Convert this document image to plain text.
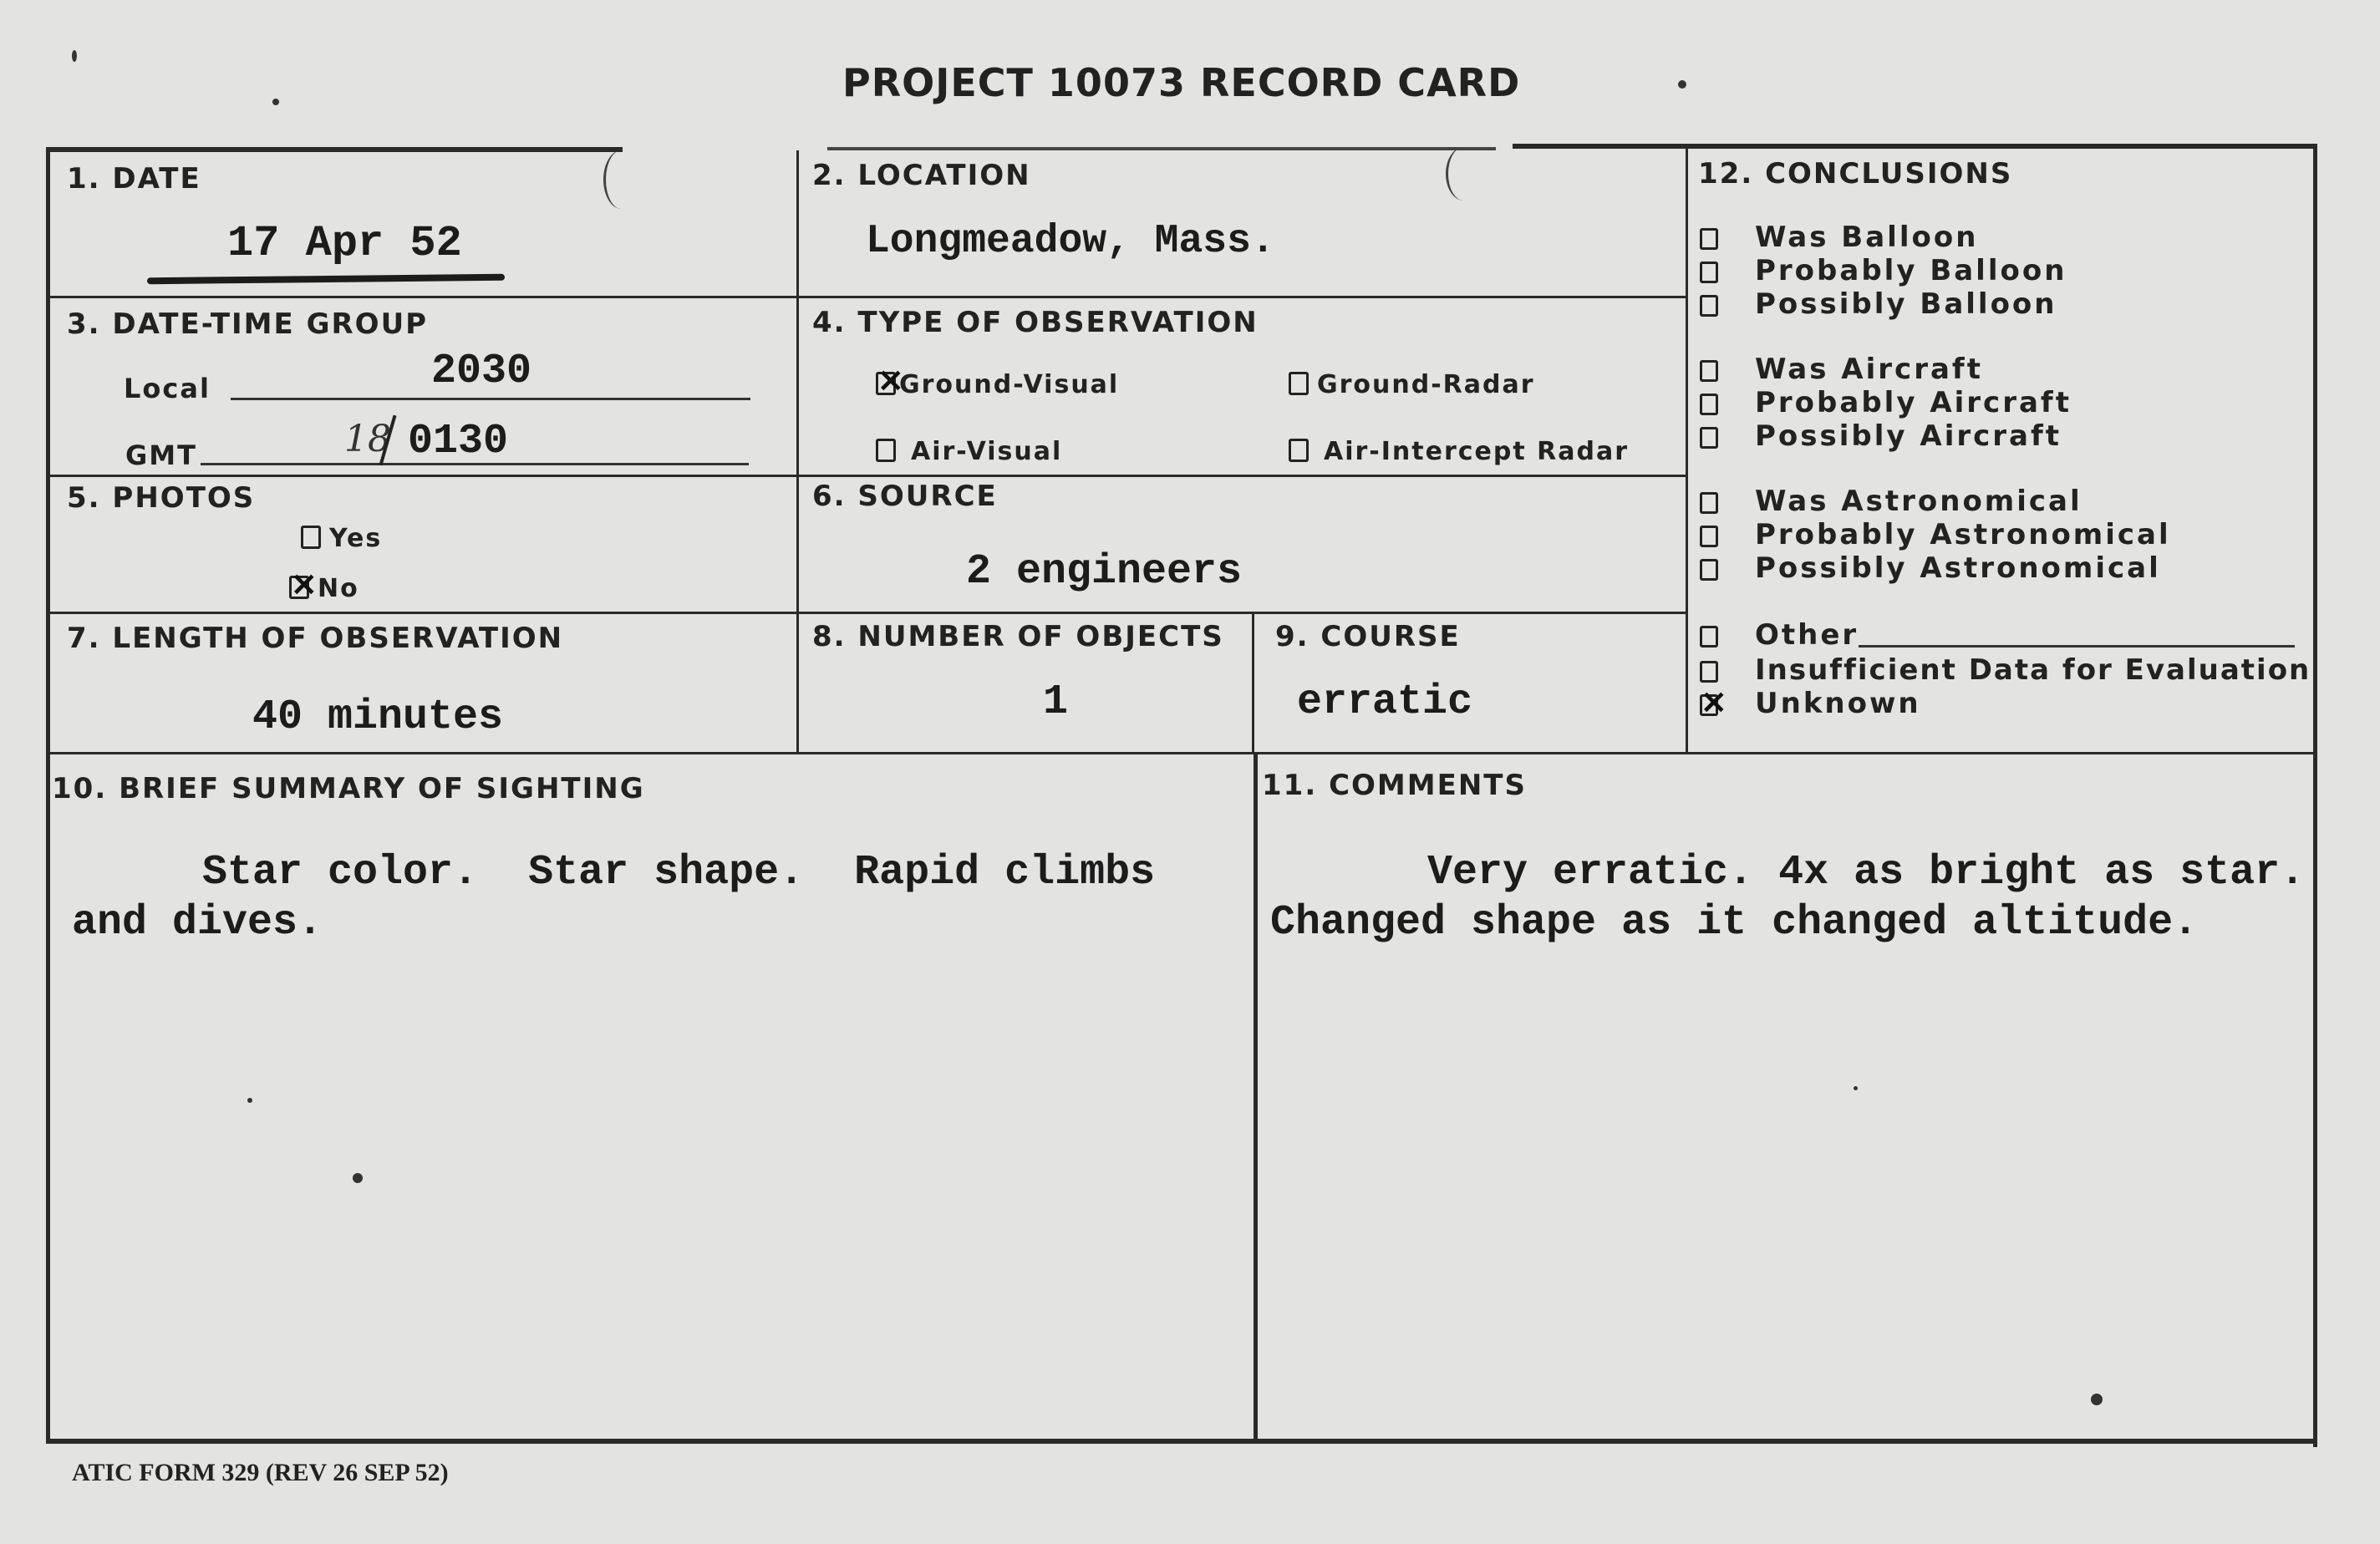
PROJECT 10073 RECORD CARD
1. DATE
17 Apr 52
2. LOCATION
Longmeadow, Mass.
3. DATE-TIME GROUP
Local	2030
GMT	18 0130
4. TYPE OF OBSERVATION
×Ground-Visual	Ground-Radar
Air-Visual	Air-Intercept Radar
5. PHOTOS
Yes
×No
6. SOURCE
2 engineers
7. LENGTH OF OBSERVATION
40 minutes
8. NUMBER OF OBJECTS
1
9. COURSE
erratic
12. CONCLUSIONS
Was Balloon
Probably Balloon
Possibly Balloon
Was Aircraft
Probably Aircraft
Possibly Aircraft
Was Astronomical
Probably Astronomical
Possibly Astronomical
Other
Insufficient Data for Evaluation
×Unknown
10. BRIEF SUMMARY OF SIGHTING
Star color.  Star shape.  Rapid climbs
and dives.
11. COMMENTS
Very erratic. 4x as bright as star.
Changed shape as it changed altitude.
ATIC FORM 329 (REV 26 SEP 52)
